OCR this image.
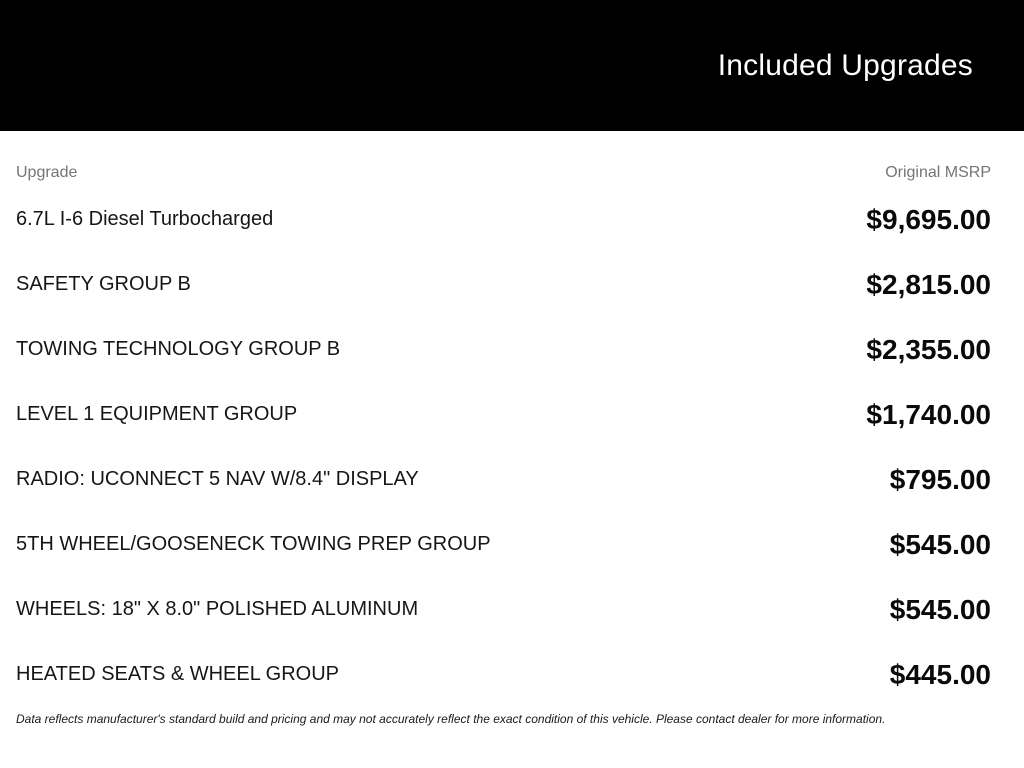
Included Upgrades
Upgrade	Original MSRP
6.7L I-6 Diesel Turbocharged	$9,695.00
SAFETY GROUP B	$2,815.00
TOWING TECHNOLOGY GROUP B	$2,355.00
LEVEL 1 EQUIPMENT GROUP	$1,740.00
RADIO: UCONNECT 5 NAV W/8.4" DISPLAY	$795.00
5TH WHEEL/GOOSENECK TOWING PREP GROUP	$545.00
WHEELS: 18" X 8.0" POLISHED ALUMINUM	$545.00
HEATED SEATS & WHEEL GROUP	$445.00
Data reflects manufacturer's standard build and pricing and may not accurately reflect the exact condition of this vehicle. Please contact dealer for more information.
